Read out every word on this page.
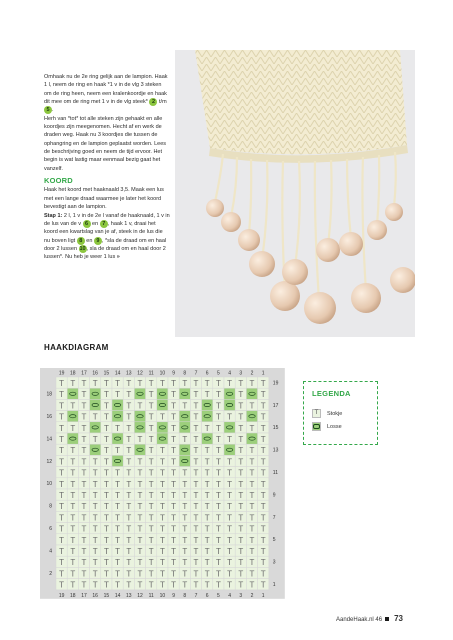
Omhaak nu de 2e ring gelijk aan de lampion. Haak 1 l, neem de ring en haak *1 v in de vlg 3 steken om de ring heen, neem een kralenkoordje en haak dit mee om de ring met 1 v in de vlg steek* 2 t/m 5 .

Herh van *tot* tot alle steken zijn gehaakt en alle koordjes zijn meegenomen. Hecht af en werk de draden weg. Haak nu 3 koordjes die tussen de ophangring en de lampion geplaatst worden. Lees de beschrijving goed en neem de tijd ervoor. Het begin is wat lastig maar eenmaal bezig gaat het vanzelf.

KOORD

Haak het koord met haaknaald 3,5. Maak een lus met een lange draad waarmee je later het koord bevestigt aan de lampion.

Stap 1: 2 l, 1 v in de 2e l vanaf de haaknaald, 1 v in de lus van de v 6 en 7 , haak 1 v, draai het koord een kwartslag van je af, steek in de lus die nu boven ligt 8 en 9 , *sla de draad om en haal door 2 lussen 10, sla de draad om en haal door 2 lussen*. Nu heb je weer 1 lus »

HAAKDIAGRAM
T T T T T T T T T T T T T T T T T T T
T T T T T T T T T T T T
T T T T T T T T T T T T T T
T T T T T T T T T T T T T
T T T T T T T T T T T T T T
T T T T T T T T T T T T T T
T T T T T T T T T T T T T T T
T T T T T T T T T T T T T T T T T
T T T T T T T T T T T T T T T T T T T
T T T T T T T T T T T T T T T T T T T
T T T T T T T T T T T T T T T T T T T
T T T T T T T T T T T T T T T T T T T
T T T T T T T T T T T T T T T T T T T
T T T T T T T T T T T T T T T T T T T
T T T T T T T T T T T T T T T T T T T
T T T T T T T T T T T T T T T T T T T
T T T T T T T T T T T T T T T T T T T
T T T T T T T T T T T T T T T T T T T
T T T T T T T T T T T T T T T T T T T
19
19
18
18
17
17
16
16
15
15
14
14
13
13
12
12
11
11
10
10
9
9
8
8
7
7
6
6
5
5
4
4
3
3
2
2
1
1
18
16
14
12
10
8
6
4
2
19
17
15
13
11
9
7
5
3
1
LEGENDA
T	Stokje
Losse
AandeHaak.nl 46 73
